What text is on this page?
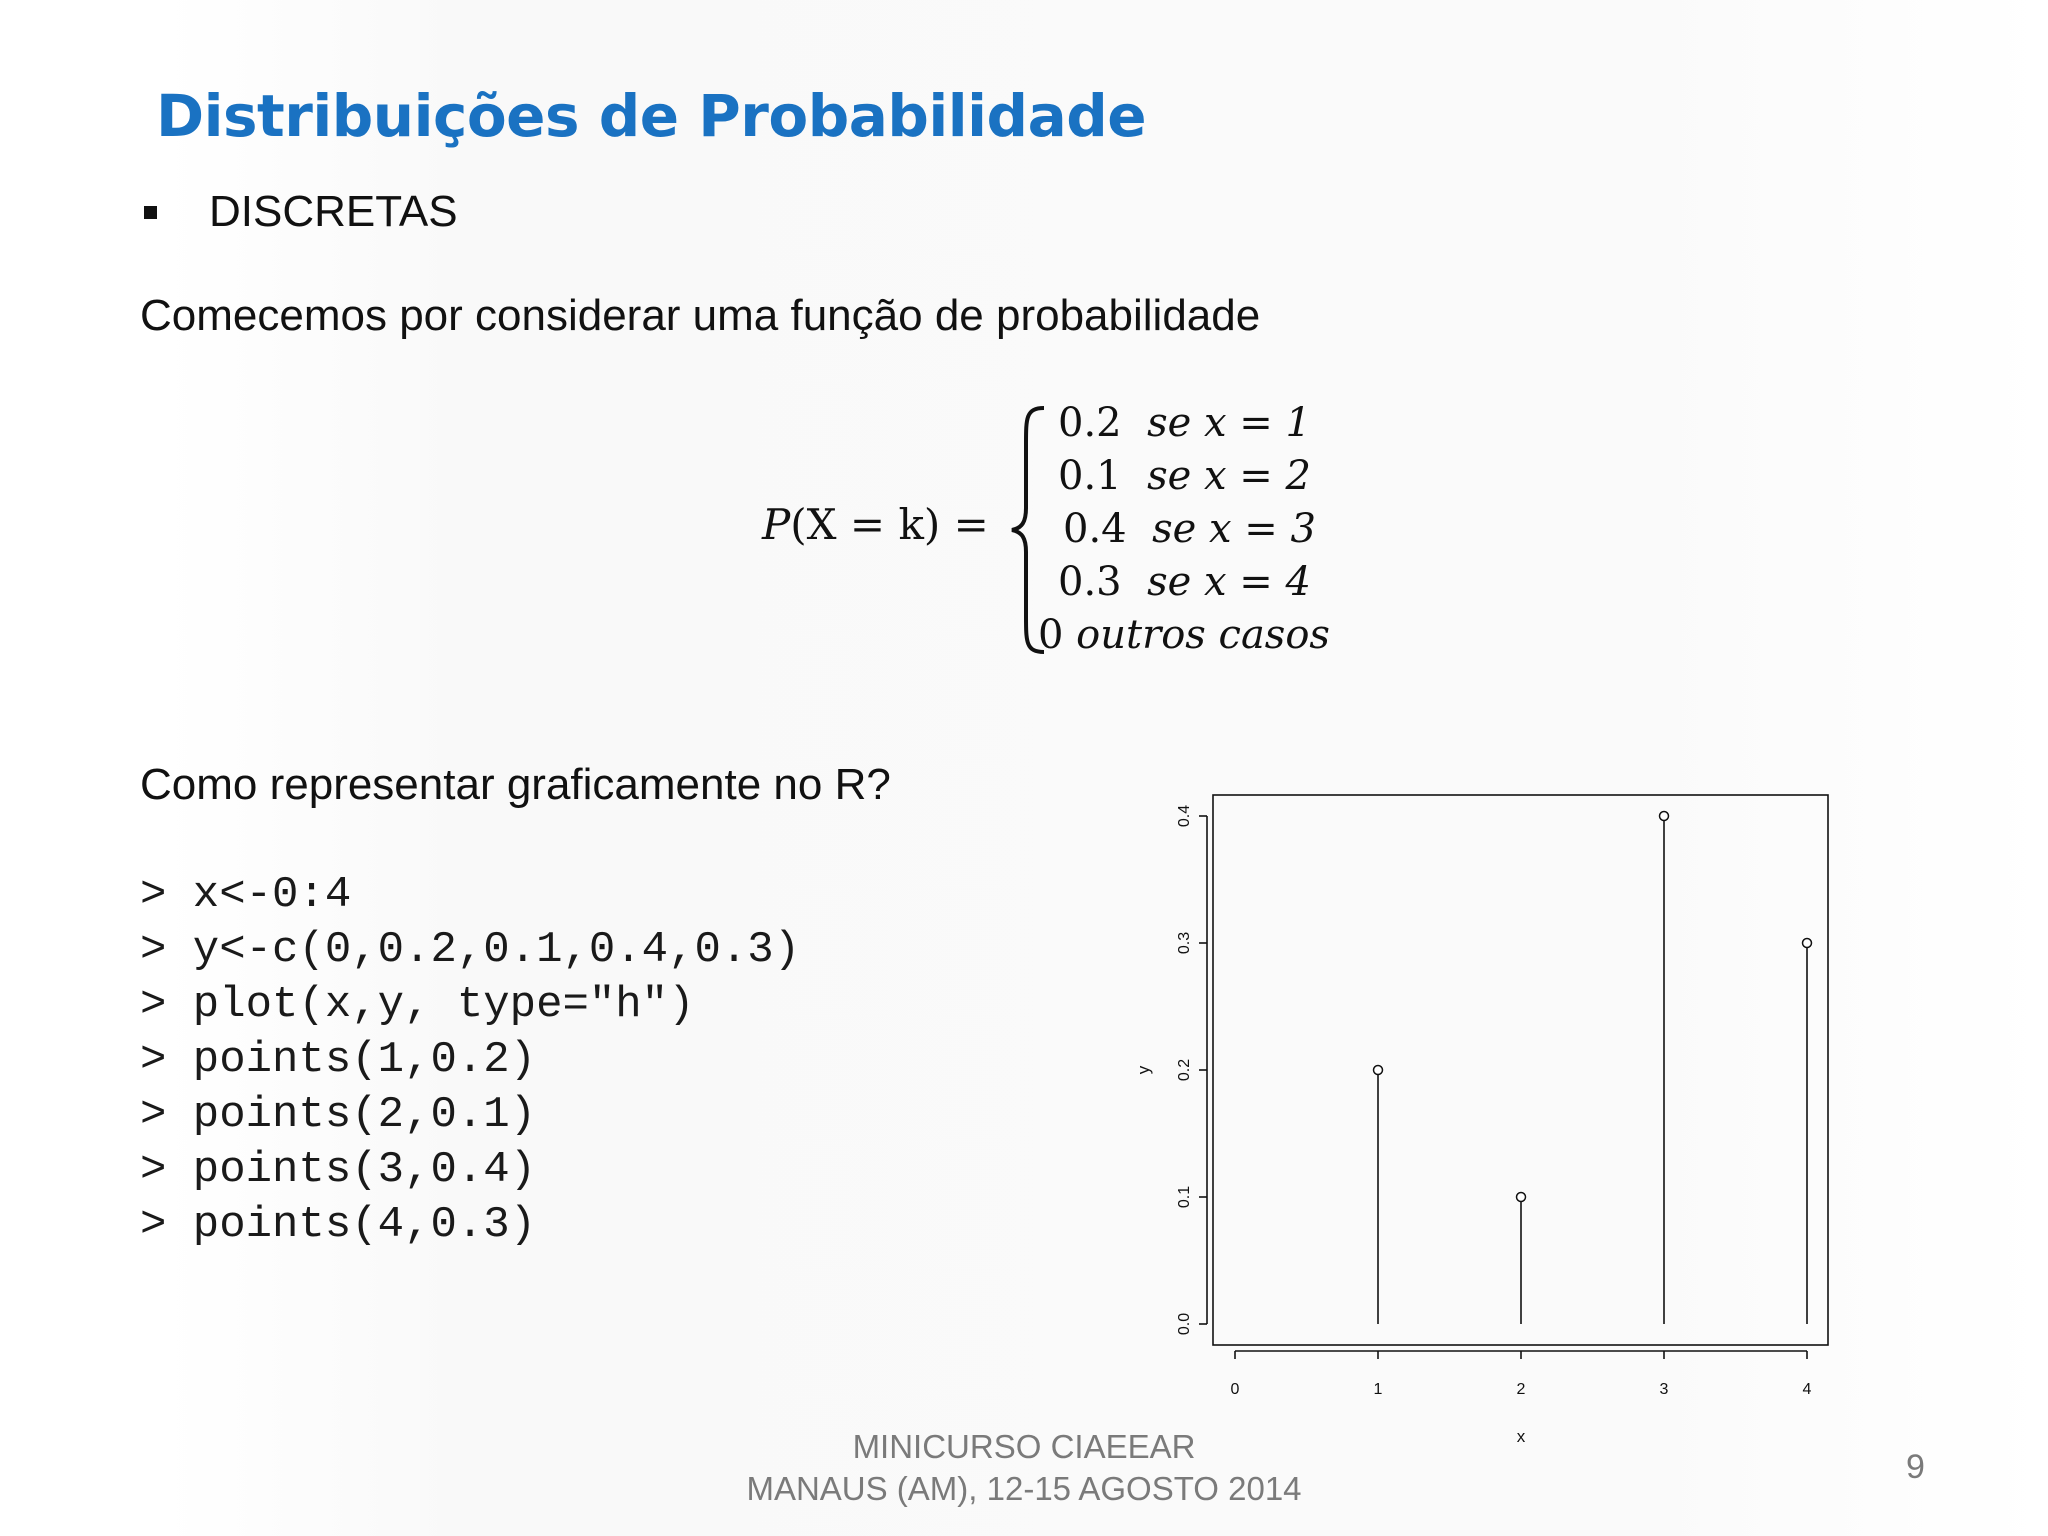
Distribuições de Probabilidade
DISCRETAS
Comecemos por considerar uma função de probabilidade
P(X = k) =
0.2 se x = 1
0.1 se x = 2
0.4 se x = 3
0.3 se x = 4
0 outros casos
Como representar graficamente no R?
> x<-0:4
> y<-c(0,0.2,0.1,0.4,0.3)
> plot(x,y, type="h")
> points(1,0.2)
> points(2,0.1)
> points(3,0.4)
> points(4,0.3)
0	1	2	3	4
0.0
0.1
0.2
0.3
0.4
x
y
MINICURSO CIAEEAR
MANAUS (AM), 12-15 AGOSTO 2014
9
